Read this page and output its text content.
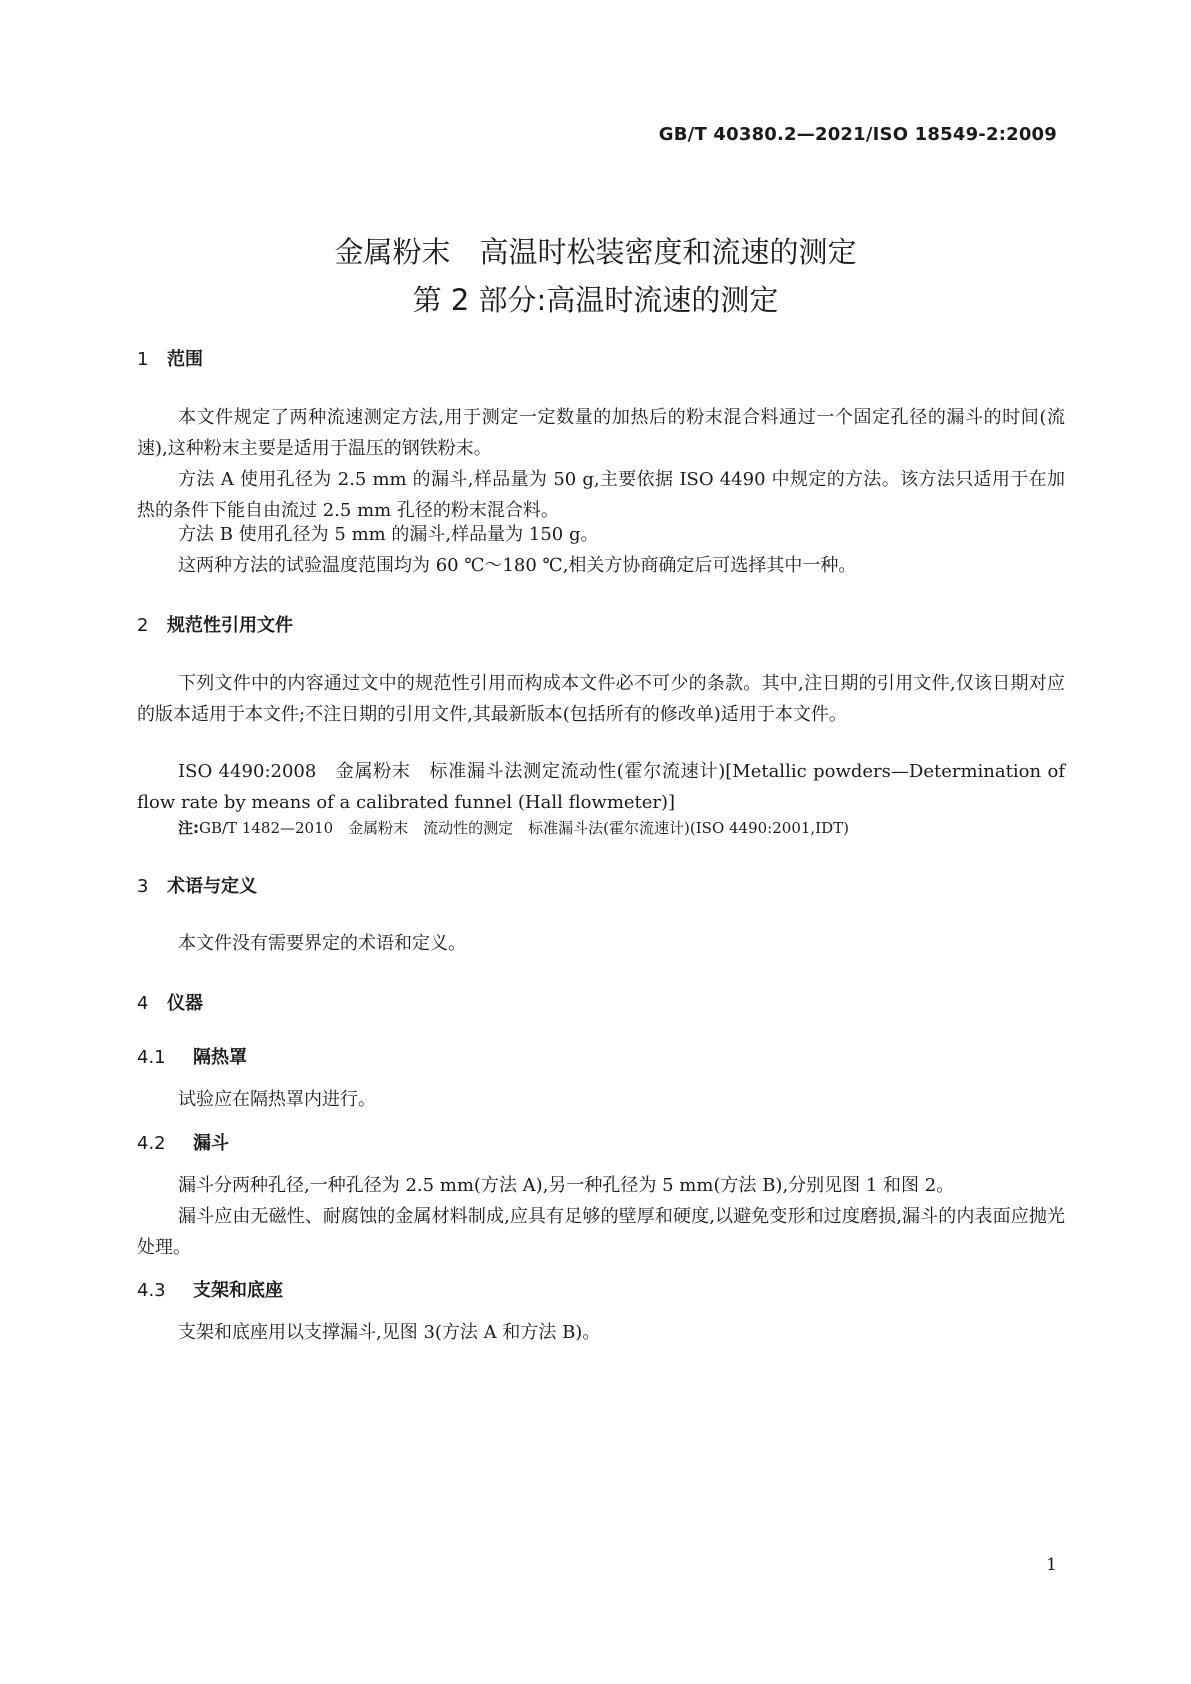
GB/T 40380.2—2021/ISO 18549-2:2009
金属粉末　高温时松装密度和流速的测定
第 2 部分:高温时流速的测定
1 范围
本文件规定了两种流速测定方法,用于测定一定数量的加热后的粉末混合料通过一个固定孔径的漏斗的时间(流速),这种粉末主要是适用于温压的钢铁粉末。
方法 A 使用孔径为 2.5 mm 的漏斗,样品量为 50 g,主要依据 ISO 4490 中规定的方法。该方法只适用于在加热的条件下能自由流过 2.5 mm 孔径的粉末混合料。
方法 B 使用孔径为 5 mm 的漏斗,样品量为 150 g。
这两种方法的试验温度范围均为 60 ℃～180 ℃,相关方协商确定后可选择其中一种。
2 规范性引用文件
下列文件中的内容通过文中的规范性引用而构成本文件必不可少的条款。其中,注日期的引用文件,仅该日期对应的版本适用于本文件;不注日期的引用文件,其最新版本(包括所有的修改单)适用于本文件。
ISO 4490:2008　金属粉末　标准漏斗法测定流动性(霍尔流速计)[Metallic powders—Determination of flow rate by means of a calibrated funnel (Hall flowmeter)]
注:GB/T 1482—2010　金属粉末　流动性的测定　标准漏斗法(霍尔流速计)(ISO 4490:2001,IDT)
3 术语与定义
本文件没有需要界定的术语和定义。
4 仪器
4.1 隔热罩
试验应在隔热罩内进行。
4.2 漏斗
漏斗分两种孔径,一种孔径为 2.5 mm(方法 A),另一种孔径为 5 mm(方法 B),分别见图 1 和图 2。
漏斗应由无磁性、耐腐蚀的金属材料制成,应具有足够的壁厚和硬度,以避免变形和过度磨损,漏斗的内表面应抛光处理。
4.3 支架和底座
支架和底座用以支撑漏斗,见图 3(方法 A 和方法 B)。
1
